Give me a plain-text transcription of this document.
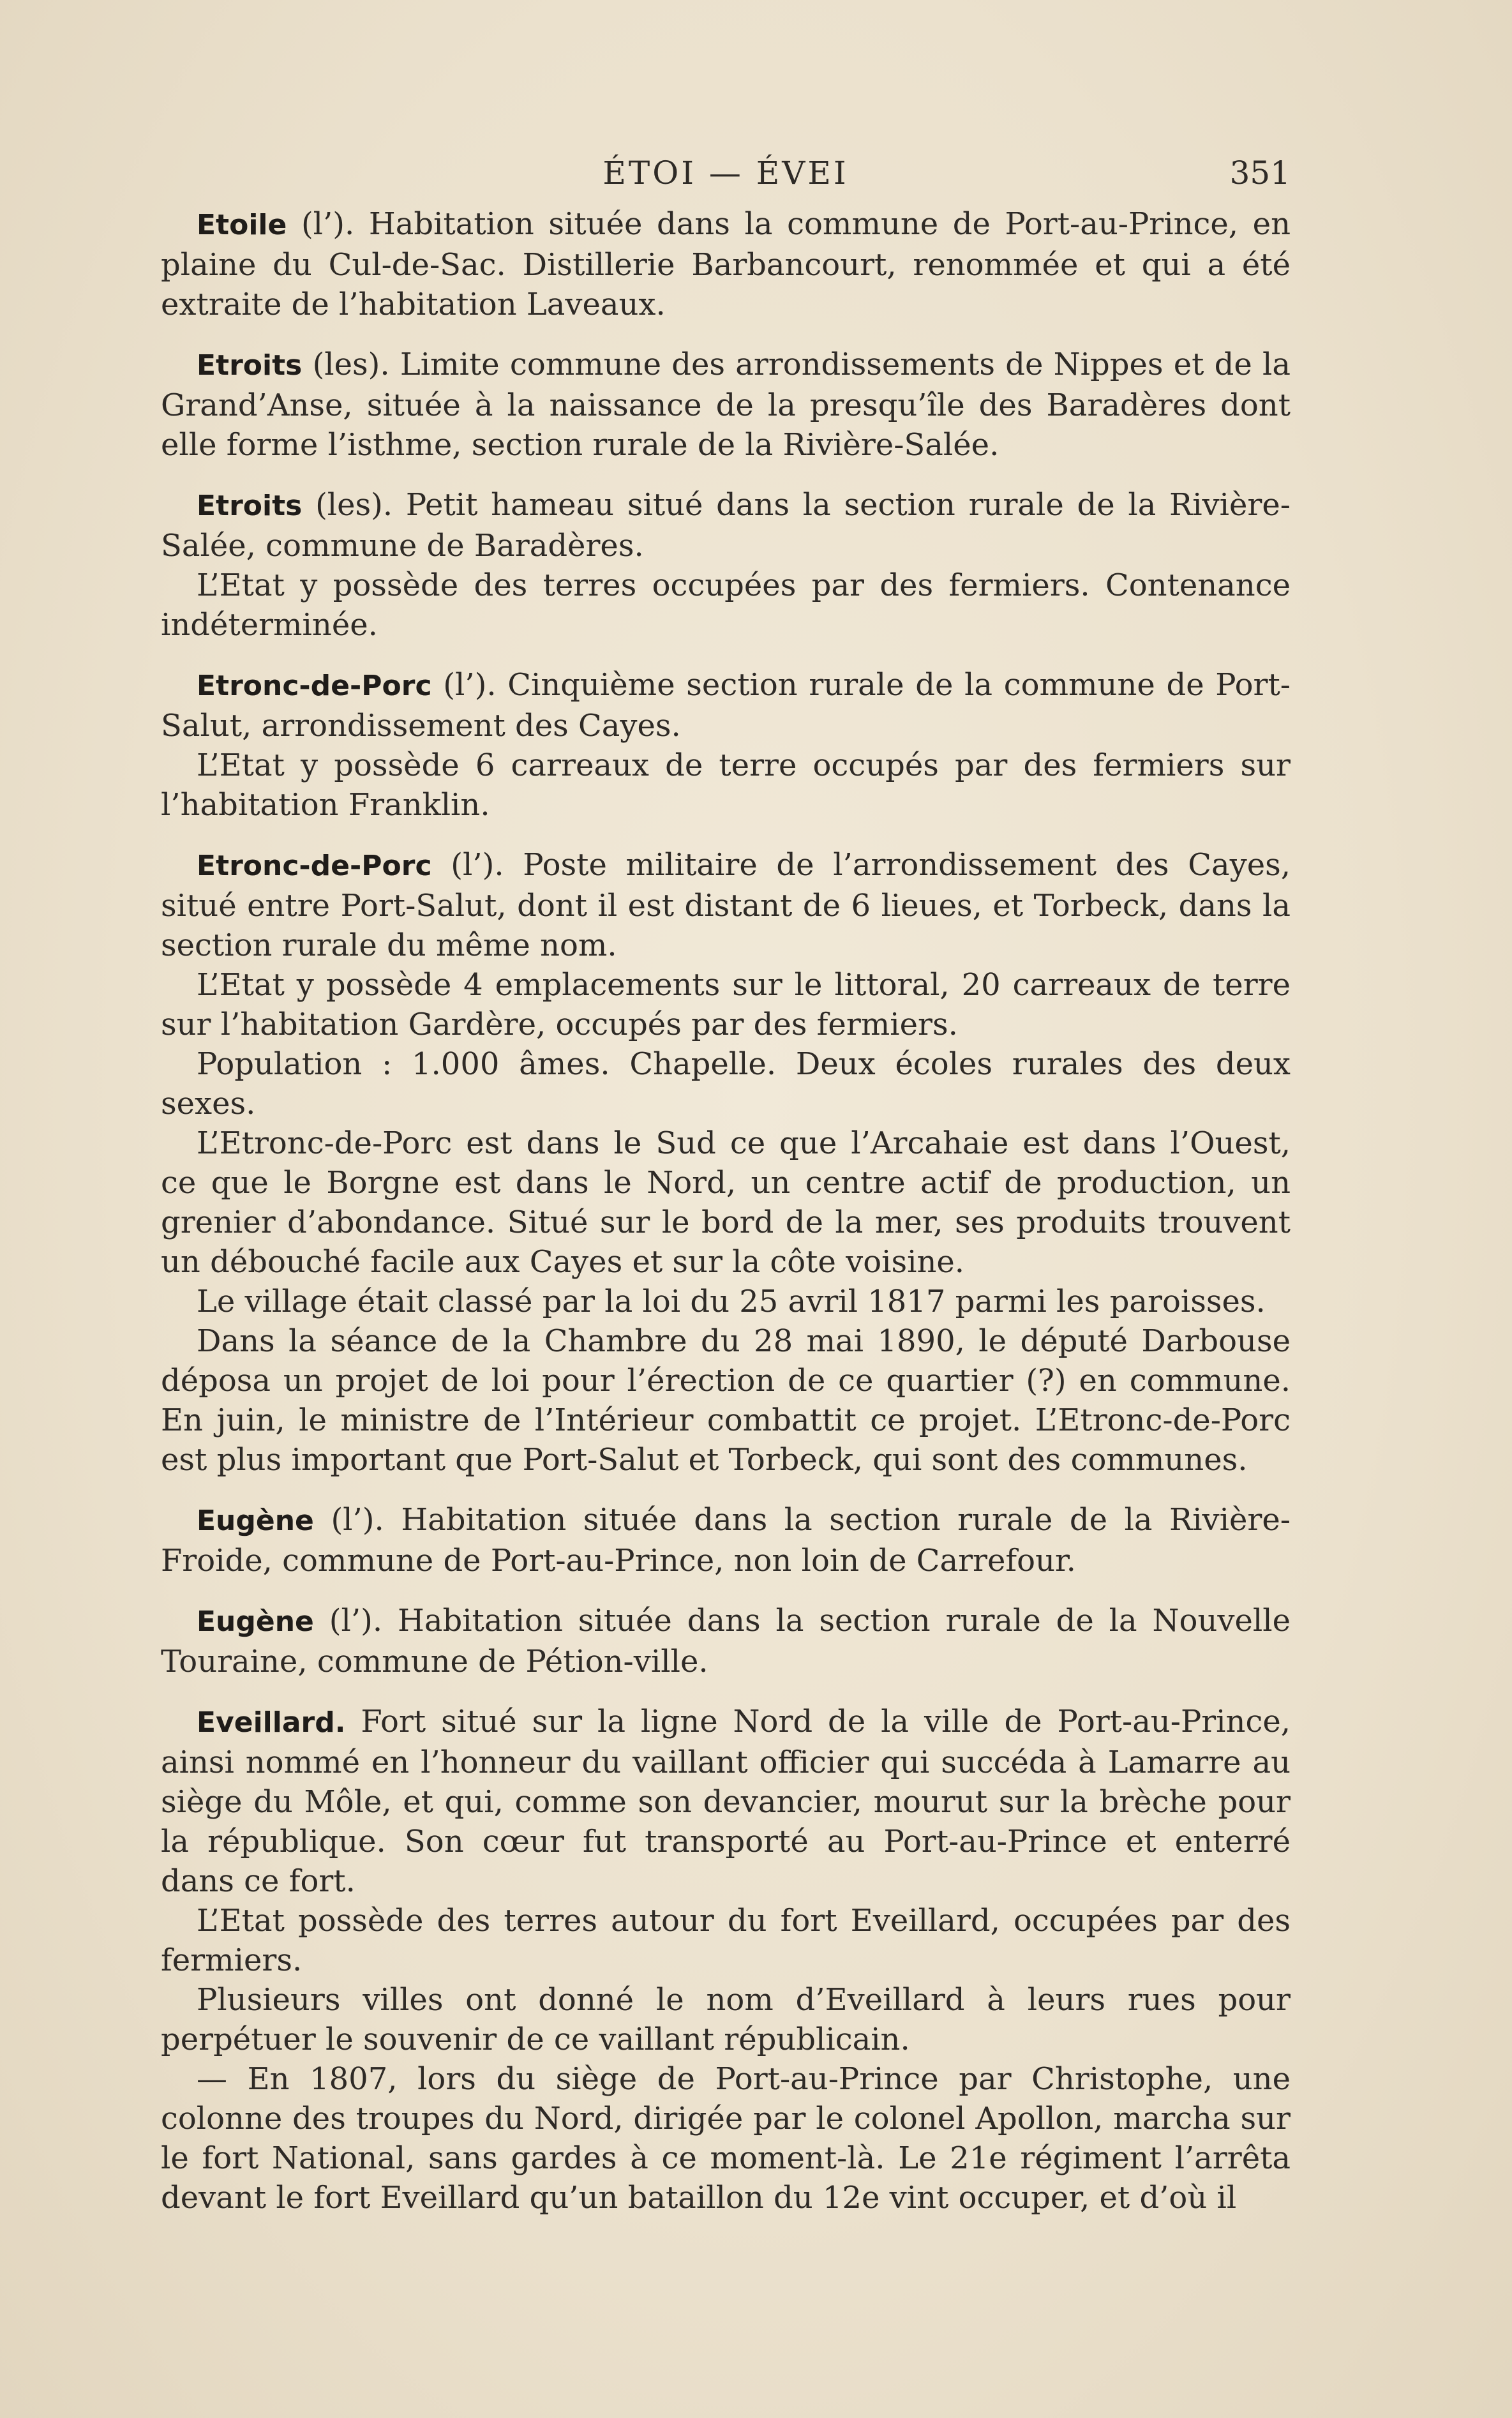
ÉTOI — ÉVEI	351

Etoile (l’). Habitation située dans la commune de Port-au-Prince, en plaine du Cul-de-Sac. Distillerie Barbancourt, renommée et qui a été extraite de l’habitation Laveaux.

Etroits (les). Limite commune des arrondissements de Nippes et de la Grand’Anse, située à la naissance de la presqu’île des Baradères dont elle forme l’isthme, section rurale de la Rivière-Salée.

Etroits (les). Petit hameau situé dans la section rurale de la Rivière-Salée, commune de Baradères.

L’Etat y possède des terres occupées par des fermiers. Contenance indéterminée.

Etronc-de-Porc (l’). Cinquième section rurale de la commune de Port-Salut, arrondissement des Cayes.

L’Etat y possède 6 carreaux de terre occupés par des fermiers sur l’habitation Franklin.

Etronc-de-Porc (l’). Poste militaire de l’arrondissement des Cayes, situé entre Port-Salut, dont il est distant de 6 lieues, et Torbeck, dans la section rurale du même nom.

L’Etat y possède 4 emplacements sur le littoral, 20 carreaux de terre sur l’habitation Gardère, occupés par des fermiers.

Population : 1.000 âmes. Chapelle. Deux écoles rurales des deux sexes.

L’Etronc-de-Porc est dans le Sud ce que l’Arcahaie est dans l’Ouest, ce que le Borgne est dans le Nord, un centre actif de production, un grenier d’abondance. Situé sur le bord de la mer, ses produits trouvent un débouché facile aux Cayes et sur la côte voisine.

Le village était classé par la loi du 25 avril 1817 parmi les paroisses.

Dans la séance de la Chambre du 28 mai 1890, le député Darbouse déposa un projet de loi pour l’érection de ce quartier (?) en commune. En juin, le ministre de l’Intérieur combattit ce projet. L’Etronc-de-Porc est plus important que Port-Salut et Torbeck, qui sont des communes.

Eugène (l’). Habitation située dans la section rurale de la Rivière-Froide, commune de Port-au-Prince, non loin de Carrefour.

Eugène (l’). Habitation située dans la section rurale de la Nouvelle Touraine, commune de Pétion-ville.

Eveillard. Fort situé sur la ligne Nord de la ville de Port-au-Prince, ainsi nommé en l’honneur du vaillant officier qui succéda à Lamarre au siège du Môle, et qui, comme son devancier, mourut sur la brèche pour la république. Son cœur fut transporté au Port-au-Prince et enterré dans ce fort.

L’Etat possède des terres autour du fort Eveillard, occupées par des fermiers.

Plusieurs villes ont donné le nom d’Eveillard à leurs rues pour perpétuer le souvenir de ce vaillant républicain.

— En 1807, lors du siège de Port-au-Prince par Christophe, une colonne des troupes du Nord, dirigée par le colonel Apollon, marcha sur le fort National, sans gardes à ce moment-là. Le 21e régiment l’arrêta devant le fort Eveillard qu’un bataillon du 12e vint occuper, et d’où il
